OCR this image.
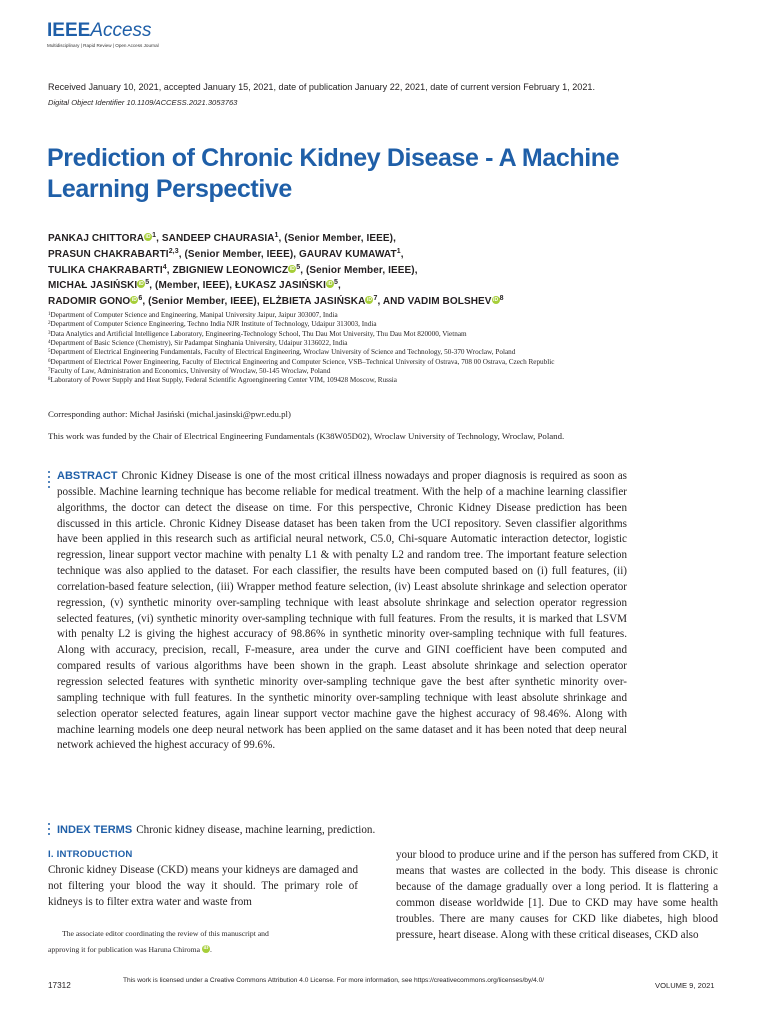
IEEEAccess
Multidisciplinary | Rapid Review | Open Access Journal
Received January 10, 2021, accepted January 15, 2021, date of publication January 22, 2021, date of current version February 1, 2021.
Digital Object Identifier 10.1109/ACCESS.2021.3053763
Prediction of Chronic Kidney Disease - A Machine Learning Perspective
PANKAJ CHITTORAiD$^1$, SANDEEP CHAURASIA$^1$, (Senior Member, IEEE),
PRASUN CHAKRABARTI$^{2,3}$, (Senior Member, IEEE), GAURAV KUMAWAT$^1$,
TULIKA CHAKRABARTI$^4$, ZBIGNIEW LEONOWICZiD$^5$, (Senior Member, IEEE),
MICHAŁ JASIŃSKIiD$^5$, (Member, IEEE), ŁUKASZ JASIŃSKIiD$^5$,
RADOMIR GONOiD$^6$, (Senior Member, IEEE), ELŻBIETA JASIŃSKAiD$^7$, AND VADIM BOLSHEViD$^8$
$^1$Department of Computer Science and Engineering, Manipal University Jaipur, Jaipur 303007, India
$^2$Department of Computer Science Engineering, Techno India NJR Institute of Technology, Udaipur 313003, India
$^3$Data Analytics and Artificial Intelligence Laboratory, Engineering-Technology School, Thu Dau Mot University, Thu Dau Mot 820000, Vietnam
$^4$Department of Basic Science (Chemistry), Sir Padampat Singhania University, Udaipur 3136022, India
$^5$Department of Electrical Engineering Fundamentals, Faculty of Electrical Engineering, Wroclaw University of Science and Technology, 50-370 Wroclaw, Poland
$^6$Department of Electrical Power Engineering, Faculty of Electrical Engineering and Computer Science, VSB–Technical University of Ostrava, 708 00 Ostrava, Czech Republic
$^7$Faculty of Law, Administration and Economics, University of Wroclaw, 50-145 Wroclaw, Poland
$^8$Laboratory of Power Supply and Heat Supply, Federal Scientific Agroengineering Center VIM, 109428 Moscow, Russia
Corresponding author: Michał Jasiński (michal.jasinski@pwr.edu.pl)
This work was funded by the Chair of Electrical Engineering Fundamentals (K38W05D02), Wroclaw University of Technology, Wroclaw, Poland.

ABSTRACT Chronic Kidney Disease is one of the most critical illness nowadays and proper diagnosis is required as soon as possible. Machine learning technique has become reliable for medical treatment. With the help of a machine learning classifier algorithms, the doctor can detect the disease on time. For this perspective, Chronic Kidney Disease prediction has been discussed in this article. Chronic Kidney Disease dataset has been taken from the UCI repository. Seven classifier algorithms have been applied in this research such as artificial neural network, C5.0, Chi-square Automatic interaction detector, logistic regression, linear support vector machine with penalty L1 & with penalty L2 and random tree. The important feature selection technique was also applied to the dataset. For each classifier, the results have been computed based on (i) full features, (ii) correlation-based feature selection, (iii) Wrapper method feature selection, (iv) Least absolute shrinkage and selection operator regression, (v) synthetic minority over-sampling technique with least absolute shrinkage and selection operator regression selected features, (vi) synthetic minority over-sampling technique with full features. From the results, it is marked that LSVM with penalty L2 is giving the highest accuracy of 98.86% in synthetic minority over-sampling technique with full features. Along with accuracy, precision, recall, F-measure, area under the curve and GINI coefficient have been computed and compared results of various algorithms have been shown in the graph. Least absolute shrinkage and selection operator regression selected features with synthetic minority over-sampling technique gave the best after synthetic minority over-sampling technique with full features. In the synthetic minority over-sampling technique with least absolute shrinkage and selection operator selected features, again linear support vector machine gave the highest accuracy of 98.46%. Along with machine learning models one deep neural network has been applied on the same dataset and it has been noted that deep neural network achieved the highest accuracy of 99.6%.

INDEX TERMS Chronic kidney disease, machine learning, prediction.
I. INTRODUCTION

Chronic kidney Disease (CKD) means your kidneys are damaged and not filtering your blood the way it should. The primary role of kidneys is to filter extra water and waste from

your blood to produce urine and if the person has suffered from CKD, it means that wastes are collected in the body. This disease is chronic because of the damage gradually over a long period. It is flattering a common disease worldwide [1]. Due to CKD may have some health troubles. There are many causes for CKD like diabetes, high blood pressure, heart disease. Along with these critical diseases, CKD also

The associate editor coordinating the review of this manuscript and
approving it for publication was Haruna Chiroma iD .
17312
This work is licensed under a Creative Commons Attribution 4.0 License. For more information, see https://creativecommons.org/licenses/by/4.0/
VOLUME 9, 2021
